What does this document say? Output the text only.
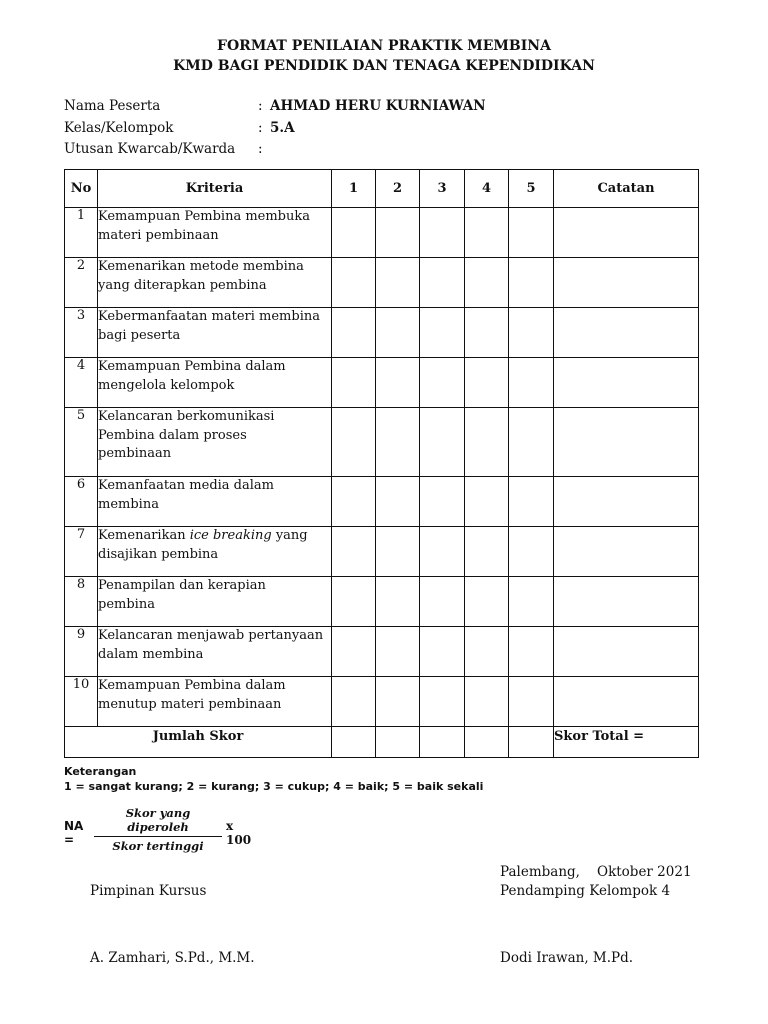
FORMAT PENILAIAN PRAKTIK MEMBINA
KMD BAGI PENDIDIK DAN TENAGA KEPENDIDIKAN
Nama Peserta	: AHMAD HERU KURNIAWAN
Kelas/Kelompok	: 5.A
Utusan Kwarcab/Kwarda :
No	Kriteria	1	2	3	4	5	Catatan
1	Kemampuan Pembina membuka
materi pembinaan						
2	Kemenarikan metode membina
yang diterapkan pembina						
3	Kebermanfaatan materi membina
bagi peserta						
4	Kemampuan Pembina dalam
mengelola kelompok						
5	Kelancaran berkomunikasi
Pembina dalam proses
pembinaan						
6	Kemanfaatan media dalam
membina						
7	Kemenarikan ice breaking yang
disajikan pembina						
8	Penampilan dan kerapian
pembina						
9	Kelancaran menjawab pertanyaan
dalam membina						
10	Kemampuan Pembina dalam
menutup materi pembinaan						
Jumlah Skor							Skor Total =
Keterangan
1 = sangat kurang; 2 = kurang; 3 = cukup; 4 = baik; 5 = baik sekali
NA =
Skor yang diperoleh
Skor tertinggi
x 100
Palembang, Oktober 2021
Pimpinan Kursus	Pendamping Kelompok 4
A. Zamhari, S.Pd., M.M.	Dodi Irawan, M.Pd.
